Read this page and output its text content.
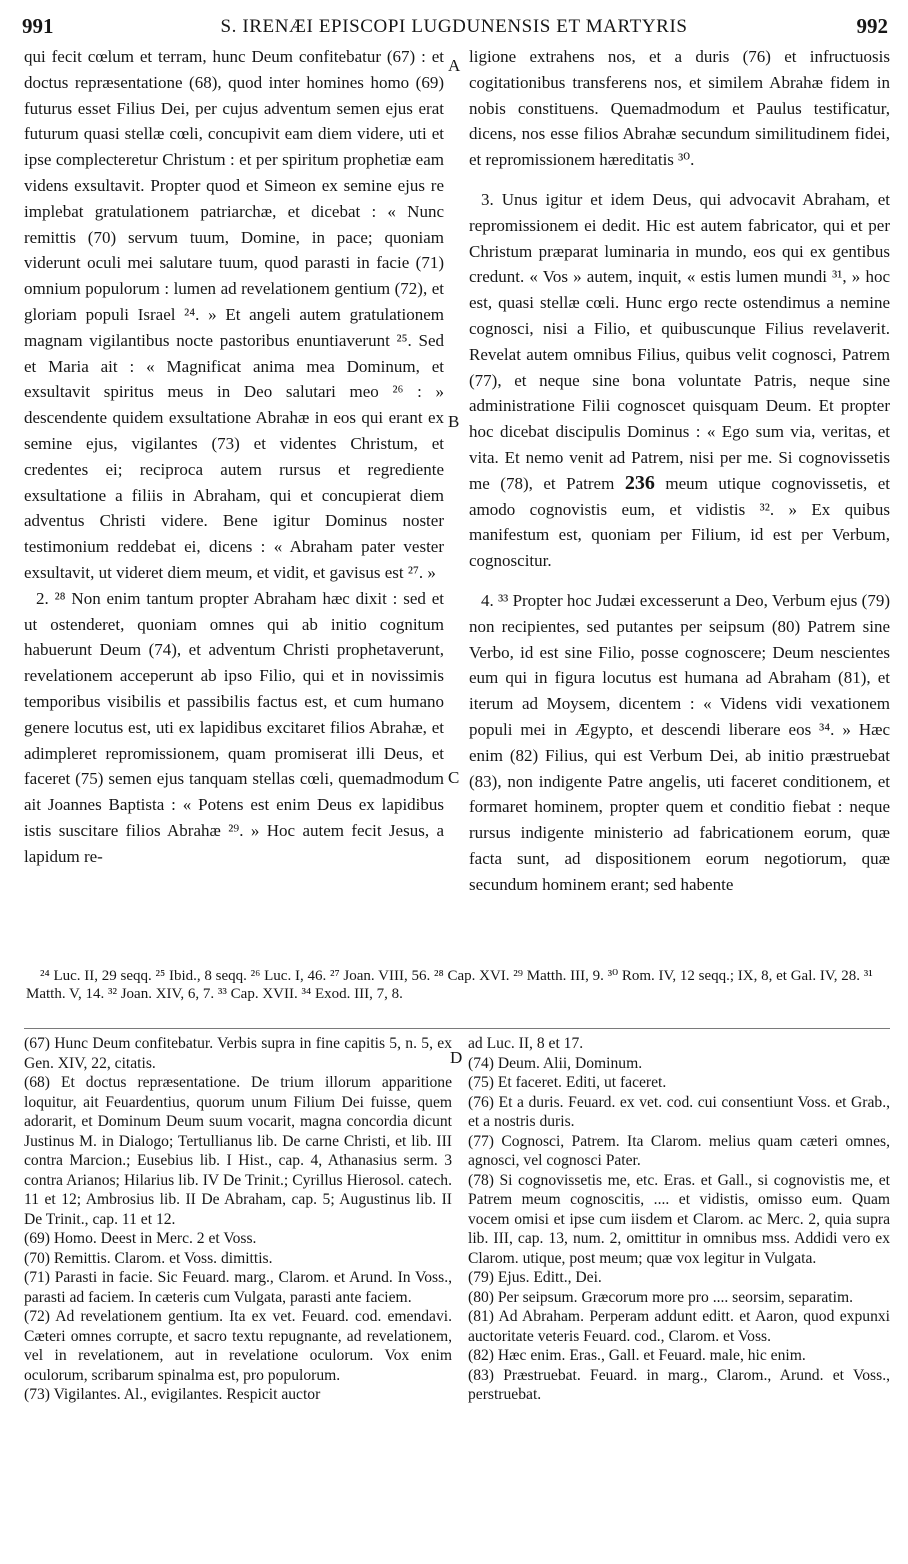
991	S. IRENÆI EPISCOPI LUGDUNENSIS ET MARTYRIS	992
A
B
C
D

qui fecit cœlum et terram, hunc Deum confitebatur (67) : et doctus repræsentatione (68), quod inter homines homo (69) futurus esset Filius Dei, per cujus adventum semen ejus erat futurum quasi stellæ cœli, concupivit eam diem videre, uti et ipse complecteretur Christum : et per spiritum prophetiæ eam videns exsultavit. Propter quod et Simeon ex semine ejus re implebat gratulationem patriarchæ, et dicebat : « Nunc remittis (70) servum tuum, Domine, in pace; quoniam viderunt oculi mei salutare tuum, quod parasti in facie (71) omnium populorum : lumen ad revelationem gentium (72), et gloriam populi Israel ²⁴. » Et angeli autem gratulationem magnam vigilantibus nocte pastoribus enuntiaverunt ²⁵. Sed et Maria ait : « Magnificat anima mea Dominum, et exsultavit spiritus meus in Deo salutari meo ²⁶ : » descendente quidem exsultatione Abrahæ in eos qui erant ex semine ejus, vigilantes (73) et videntes Christum, et credentes ei; reciproca autem rursus et regrediente exsultatione a filiis in Abraham, qui et concupierat diem adventus Christi videre. Bene igitur Dominus noster testimonium reddebat ei, dicens : « Abraham pater vester exsultavit, ut videret diem meum, et vidit, et gavisus est ²⁷. »

2. ²⁸ Non enim tantum propter Abraham hæc dixit : sed et ut ostenderet, quoniam omnes qui ab initio cognitum habuerunt Deum (74), et adventum Christi prophetaverunt, revelationem acceperunt ab ipso Filio, qui et in novissimis temporibus visibilis et passibilis factus est, et cum humano genere locutus est, uti ex lapidibus excitaret filios Abrahæ, et adimpleret repromissionem, quam promiserat illi Deus, et faceret (75) semen ejus tanquam stellas cœli, quemadmodum ait Joannes Baptista : « Potens est enim Deus ex lapidibus istis suscitare filios Abrahæ ²⁹. » Hoc autem fecit Jesus, a lapidum re-

ligione extrahens nos, et a duris (76) et infructuosis cogitationibus transferens nos, et similem Abrahæ fidem in nobis constituens. Quemadmodum et Paulus testificatur, dicens, nos esse filios Abrahæ secundum similitudinem fidei, et repromissionem hæreditatis ³⁰.

3. Unus igitur et idem Deus, qui advocavit Abraham, et repromissionem ei dedit. Hic est autem fabricator, qui et per Christum præparat luminaria in mundo, eos qui ex gentibus credunt. « Vos » autem, inquit, « estis lumen mundi ³¹, » hoc est, quasi stellæ cœli. Hunc ergo recte ostendimus a nemine cognosci, nisi a Filio, et quibuscunque Filius revelaverit. Revelat autem omnibus Filius, quibus velit cognosci, Patrem (77), et neque sine bona voluntate Patris, neque sine administratione Filii cognoscet quisquam Deum. Et propter hoc dicebat discipulis Dominus : « Ego sum via, veritas, et vita. Et nemo venit ad Patrem, nisi per me. Si cognovissetis me (78), et Patrem 236 meum utique cognovissetis, et amodo cognovistis eum, et vidistis ³². » Ex quibus manifestum est, quoniam per Filium, id est per Verbum, cognoscitur.

4. ³³ Propter hoc Judæi excesserunt a Deo, Verbum ejus (79) non recipientes, sed putantes per seipsum (80) Patrem sine Verbo, id est sine Filio, posse cognoscere; Deum nescientes eum qui in figura locutus est humana ad Abraham (81), et iterum ad Moysem, dicentem : « Videns vidi vexationem populi mei in Ægypto, et descendi liberare eos ³⁴. » Hæc enim (82) Filius, qui est Verbum Dei, ab initio præstruebat (83), non indigente Patre angelis, uti faceret conditionem, et formaret hominem, propter quem et conditio fiebat : neque rursus indigente ministerio ad fabricationem eorum, quæ facta sunt, ad dispositionem eorum negotiorum, quæ secundum hominem erant; sed habente

²⁴ Luc. II, 29 seqq. ²⁵ Ibid., 8 seqq. ²⁶ Luc. I, 46. ²⁷ Joan. VIII, 56. ²⁸ Cap. XVI. ²⁹ Matth. III, 9. ³⁰ Rom. IV, 12 seqq.; IX, 8, et Gal. IV, 28. ³¹ Matth. V, 14. ³² Joan. XIV, 6, 7. ³³ Cap. XVII. ³⁴ Exod. III, 7, 8.

(67) Hunc Deum confitebatur. Verbis supra in fine capitis 5, n. 5, ex Gen. XIV, 22, citatis.

(68) Et doctus repræsentatione. De trium illorum apparitione loquitur, ait Feuardentius, quorum unum Filium Dei fuisse, quem adorarit, et Dominum Deum suum vocarit, magna concordia dicunt Justinus M. in Dialogo; Tertullianus lib. De carne Christi, et lib. III contra Marcion.; Eusebius lib. I Hist., cap. 4, Athanasius serm. 3 contra Arianos; Hilarius lib. IV De Trinit.; Cyrillus Hierosol. catech. 11 et 12; Ambrosius lib. II De Abraham, cap. 5; Augustinus lib. II De Trinit., cap. 11 et 12.

(69) Homo. Deest in Merc. 2 et Voss.

(70) Remittis. Clarom. et Voss. dimittis.

(71) Parasti in facie. Sic Feuard. marg., Clarom. et Arund. In Voss., parasti ad faciem. In cæteris cum Vulgata, parasti ante faciem.

(72) Ad revelationem gentium. Ita ex vet. Feuard. cod. emendavi. Cæteri omnes corrupte, et sacro textu repugnante, ad revelationem, vel in revelationem, aut in revelatione oculorum. Vox enim oculorum, scribarum spinalma est, pro populorum.

(73) Vigilantes. Al., evigilantes. Respicit auctor

ad Luc. II, 8 et 17.

(74) Deum. Alii, Dominum.

(75) Et faceret. Editi, ut faceret.

(76) Et a duris. Feuard. ex vet. cod. cui consentiunt Voss. et Grab., et a nostris duris.

(77) Cognosci, Patrem. Ita Clarom. melius quam cæteri omnes, agnosci, vel cognosci Pater.

(78) Si cognovissetis me, etc. Eras. et Gall., si cognovistis me, et Patrem meum cognoscitis, .... et vidistis, omisso eum. Quam vocem omisi et ipse cum iisdem et Clarom. ac Merc. 2, quia supra lib. III, cap. 13, num. 2, omittitur in omnibus mss. Addidi vero ex Clarom. utique, post meum; quæ vox legitur in Vulgata.

(79) Ejus. Editt., Dei.

(80) Per seipsum. Græcorum more pro .... seorsim, separatim.

(81) Ad Abraham. Perperam addunt editt. et Aaron, quod expunxi auctoritate veteris Feuard. cod., Clarom. et Voss.

(82) Hæc enim. Eras., Gall. et Feuard. male, hic enim.

(83) Præstruebat. Feuard. in marg., Clarom., Arund. et Voss., perstruebat.
